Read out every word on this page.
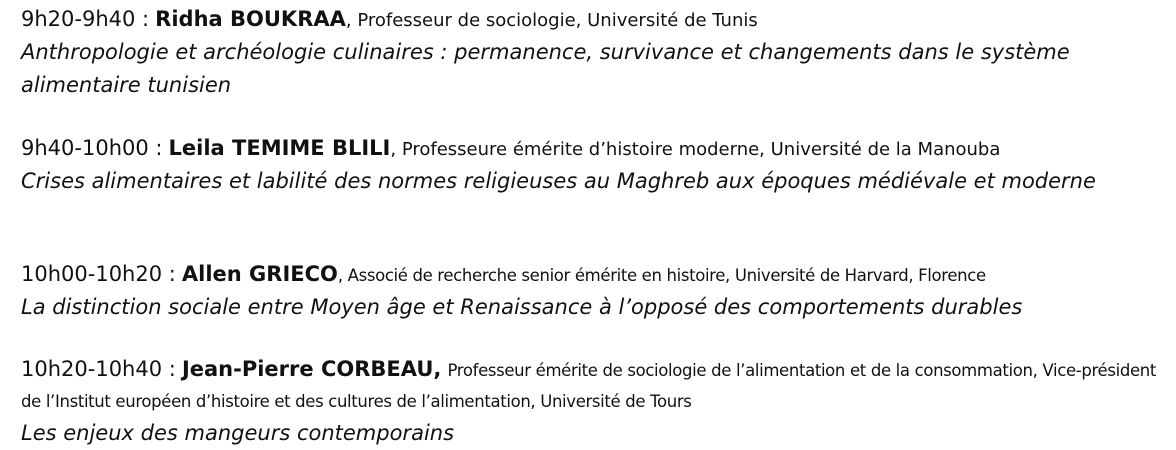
9h20-9h40 : Ridha BOUKRAA, Professeur de sociologie, Université de Tunis
Anthropologie et archéologie culinaires : permanence, survivance et changements dans le système alimentaire tunisien
9h40-10h00 : Leila TEMIME BLILI, Professeure émérite d’histoire moderne, Université de la Manouba
Crises alimentaires et labilité des normes religieuses au Maghreb aux époques médiévale et moderne
10h00-10h20 : Allen GRIECO, Associé de recherche senior émérite en histoire, Université de Harvard, Florence
La distinction sociale entre Moyen âge et Renaissance à l’opposé des comportements durables
10h20-10h40 : Jean-Pierre CORBEAU, Professeur émérite de sociologie de l’alimentation et de la consommation, Vice-président de l’Institut européen d’histoire et des cultures de l’alimentation, Université de Tours
Les enjeux des mangeurs contemporains
